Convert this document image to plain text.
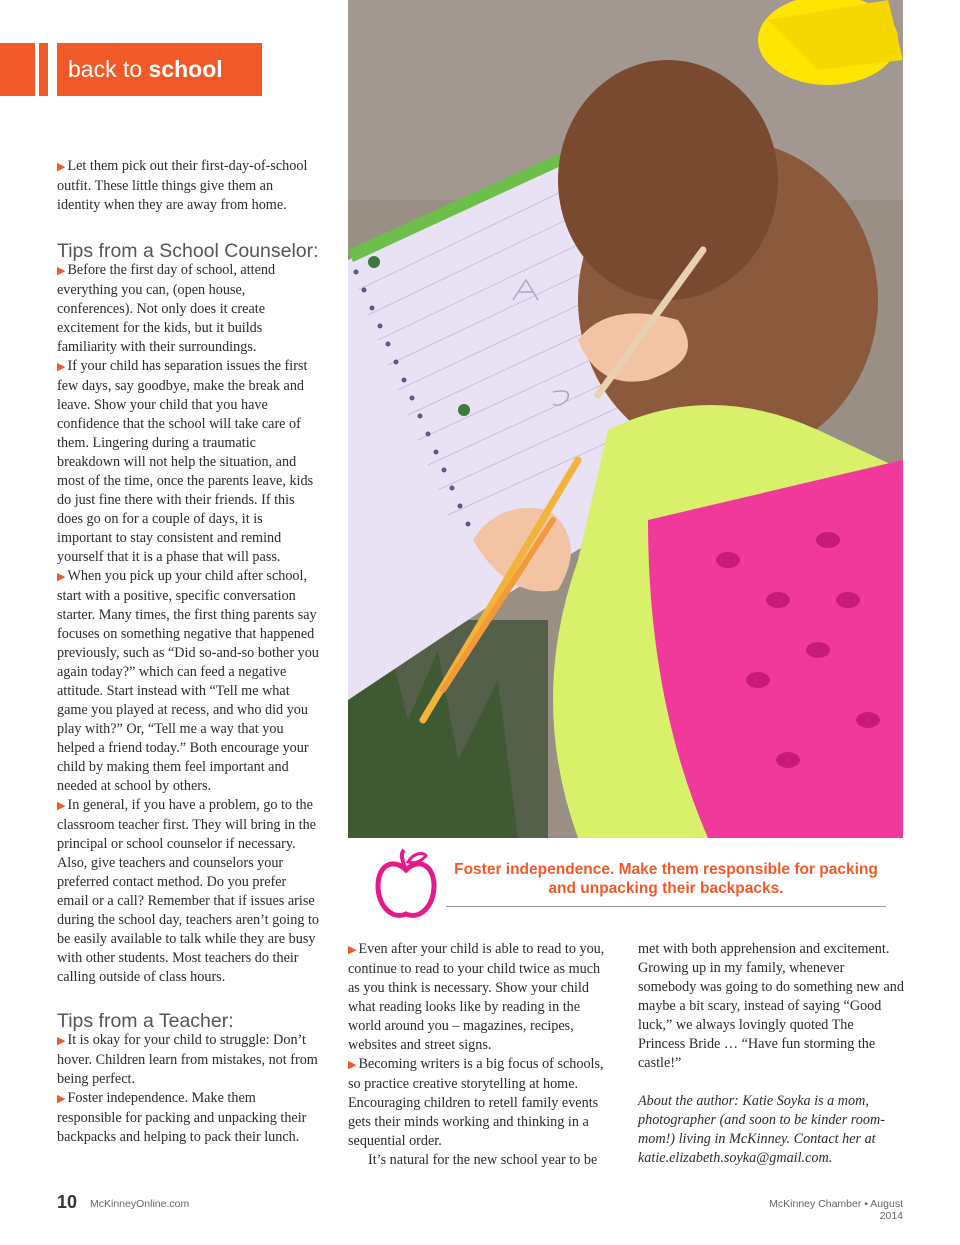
back to school

▶ Let them pick out their first-day-of-school outfit. These little things give them an identity when they are away from home.

Tips from a School Counselor:

▶ Before the first day of school, attend everything you can, (open house, conferences). Not only does it create excitement for the kids, but it builds familiarity with their surroundings.

▶ If your child has separation issues the first few days, say goodbye, make the break and leave. Show your child that you have confidence that the school will take care of them. Lingering during a traumatic breakdown will not help the situation, and most of the time, once the parents leave, kids do just fine there with their friends. If this does go on for a couple of days, it is important to stay consistent and remind yourself that it is a phase that will pass.

▶ When you pick up your child after school, start with a positive, specific conversation starter. Many times, the first thing parents say focuses on something negative that happened previously, such as “Did so-and-so bother you again today?” which can feed a negative attitude. Start instead with “Tell me what game you played at recess, and who did you play with?” Or, “Tell me a way that you helped a friend today.” Both encourage your child by making them feel important and needed at school by others.

▶ In general, if you have a problem, go to the classroom teacher first. They will bring in the principal or school counselor if necessary. Also, give teachers and counselors your preferred contact method. Do you prefer email or a call? Remember that if issues arise during the school day, teachers aren’t going to be easily available to talk while they are busy with other students. Most teachers do their calling outside of class hours.

Tips from a Teacher:

▶ It is okay for your child to struggle: Don’t hover. Children learn from mistakes, not from being perfect.

▶ Foster independence. Make them responsible for packing and unpacking their backpacks and helping to pack their lunch.

Foster independence. Make them responsible for packing and unpacking their backpacks.

▶ Even after your child is able to read to you, continue to read to your child twice as much as you think is necessary. Show your child what reading looks like by reading in the world around you – magazines, recipes, websites and street signs.

▶ Becoming writers is a big focus of schools, so practice creative storytelling at home. Encouraging children to retell family events gets their minds working and thinking in a sequential order.

It’s natural for the new school year to be

met with both apprehension and excitement. Growing up in my family, whenever somebody was going to do something new and maybe a bit scary, instead of saying “Good luck,” we always lovingly quoted The Princess Bride … “Have fun storming the castle!”

About the author: Katie Soyka is a mom, photographer (and soon to be kinder room-mom!) living in McKinney. Contact her at katie.elizabeth.soyka@gmail.com.

10 McKinneyOnline.com	McKinney Chamber • August 2014
